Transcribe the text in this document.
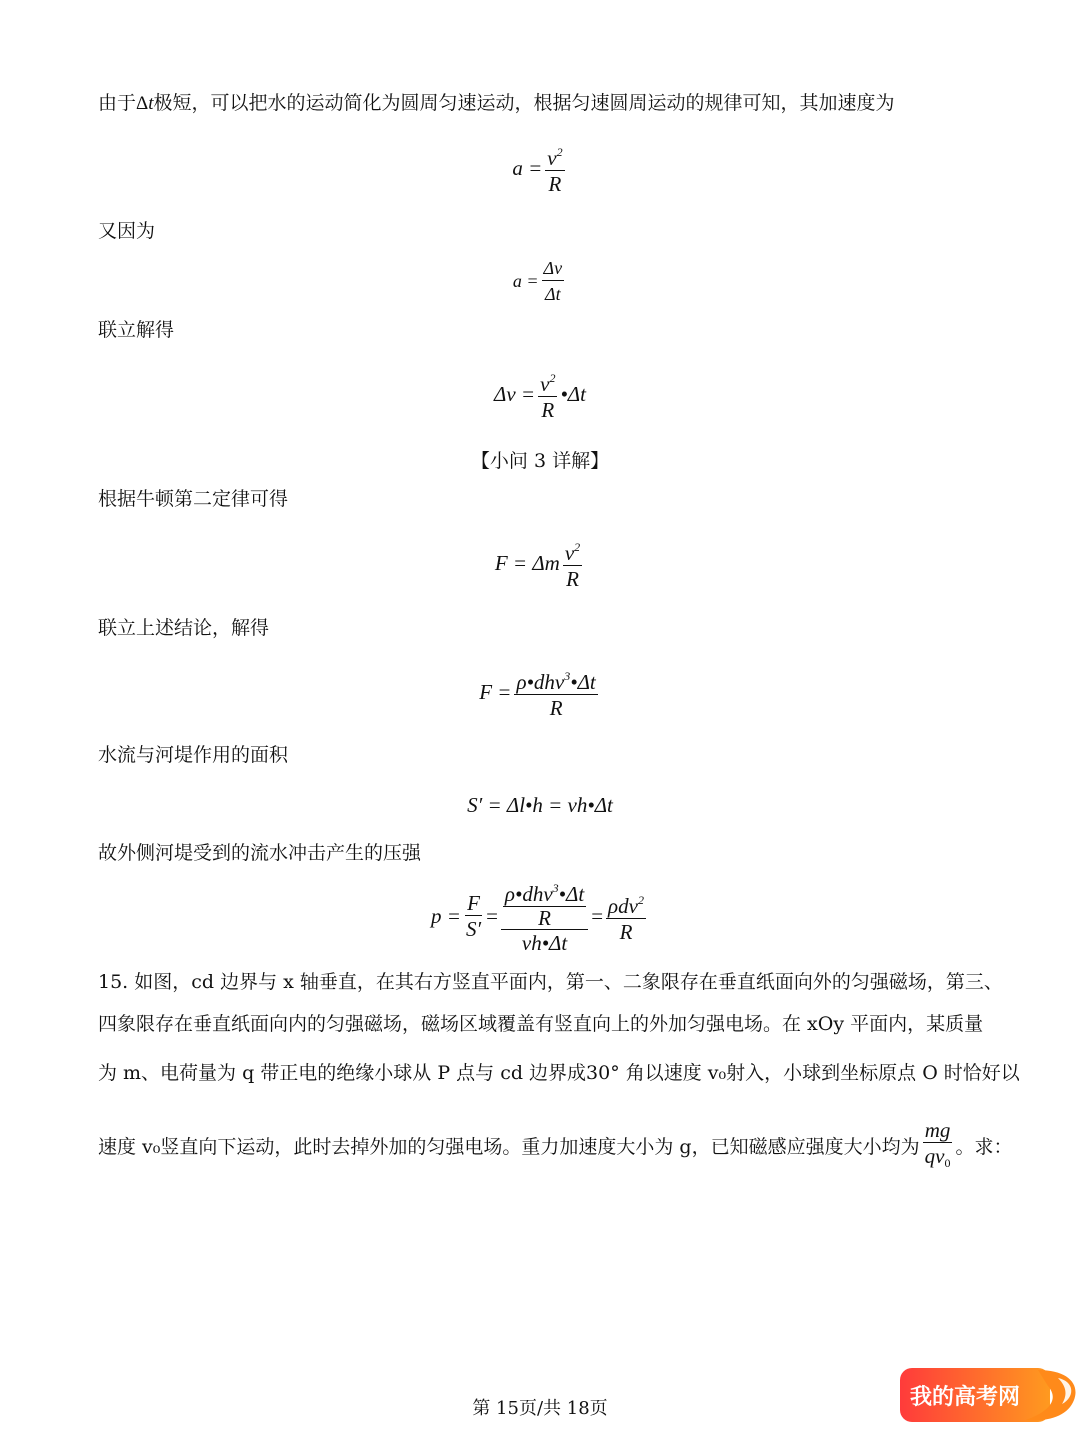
由于Δt极短，可以把水的运动简化为圆周匀速运动，根据匀速圆周运动的规律可知，其加速度为
$a = \frac{v^2}{R}$
又因为
$a = \frac{\Delta v}{\Delta t}$
联立解得
$\Delta v = \frac{v^2}{R}$ •Δt
【小问 3 详解】
根据牛顿第二定律可得
F = Δm $\frac{v^2}{R}$
联立上述结论，解得
$F = \frac{\rho•dhv^3•\Delta t}{R}$
水流与河堤作用的面积
S′ = Δl•h = vh•Δt
故外侧河堤受到的流水冲击产生的压强
$p = \frac{F}{S'} = \frac{\frac{\rho•dhv^3•\Delta t}{R}}{vh•\Delta t} = \frac{\rho dv^2}{R}$
15. 如图，cd 边界与 x 轴垂直，在其右方竖直平面内，第一、二象限存在垂直纸面向外的匀强磁场，第三、
四象限存在垂直纸面向内的匀强磁场，磁场区域覆盖有竖直向上的外加匀强电场。在 xOy 平面内，某质量
为 m、电荷量为 q 带正电的绝缘小球从 P 点与 cd 边界成30° 角以速度 v₀射入，小球到坐标原点 O 时恰好以
速度 v₀竖直向下运动，此时去掉外加的匀强电场。重力加速度大小为 g，已知磁感应强度大小均为 $\frac{mg}{qv_0}$ 。求：
第 15页/共 18页	我的高考网
